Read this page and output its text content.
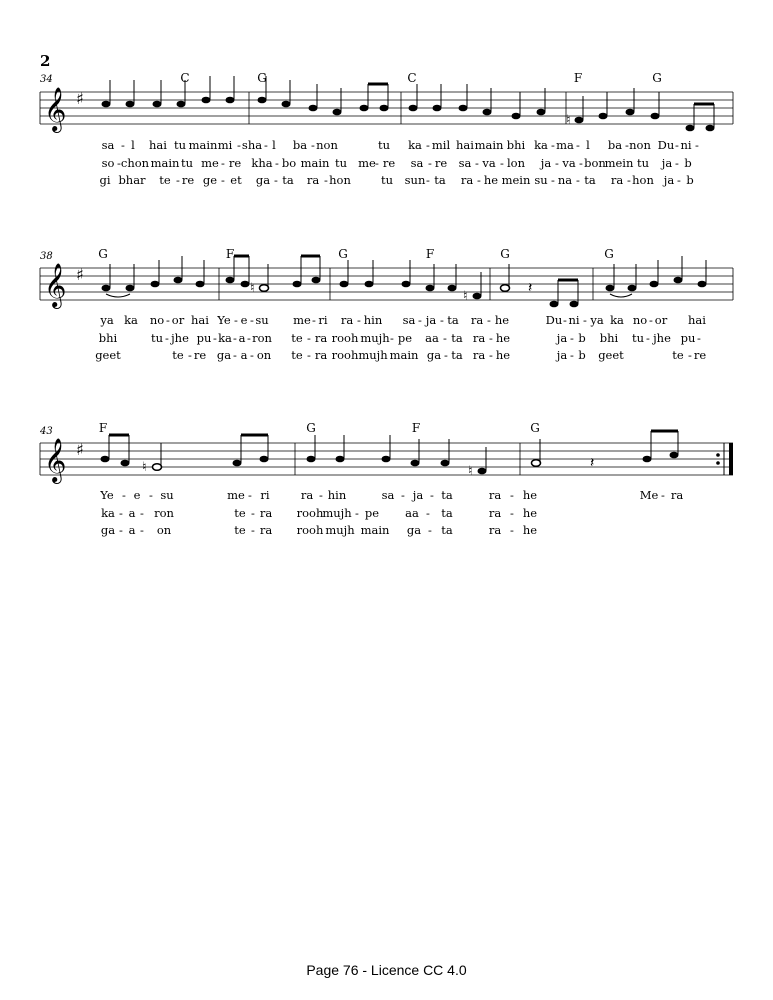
2
34	C	G	C	F	G
𝄞 ♯
♮
sa - l hai tu main mi - sha - l ba - non	tu ka - mil hai main bhi ka - ma - l ba - non Du - ni -
so - chon main tu me - re kha - bo main tu me - re sa - re sa - va - lon ja - va - bon
mein tu ja - b
gi bhar te - re ge - et ga - ta ra - hon	tu sun - ta ra - he mein su - na - ta ra - hon ja - b
38	G	F	G	F	G	G
𝄞 ♯
♮
♮
𝄽
ya ka no - or hai Ye - e - su me - ri ra - hin sa - ja - ta ra - he	Du - ni - ya ka no - or hai
bhi	tu - jhe pu - ka - a - ron te - ra rooh mujh - pe aa - ta ra - he	ja - b bhi tu - jhe pu -
geet	te - re ga - a - on te - ra rooh mujh main ga - ta ra - he	ja - b geet	te - re
43	F	G	F	G
𝄞 ♯
♮	♮
𝄽
Ye - e - su	me - ri	ra - hin	sa - ja - ta	ra - he	Me - ra
ka - a - ron	te - ra rooh
mujh - pe aa - ta	ra - he
ga - a - on	te - ra rooh mujh main ga - ta	ra - he
Page 76 - Licence CC 4.0
